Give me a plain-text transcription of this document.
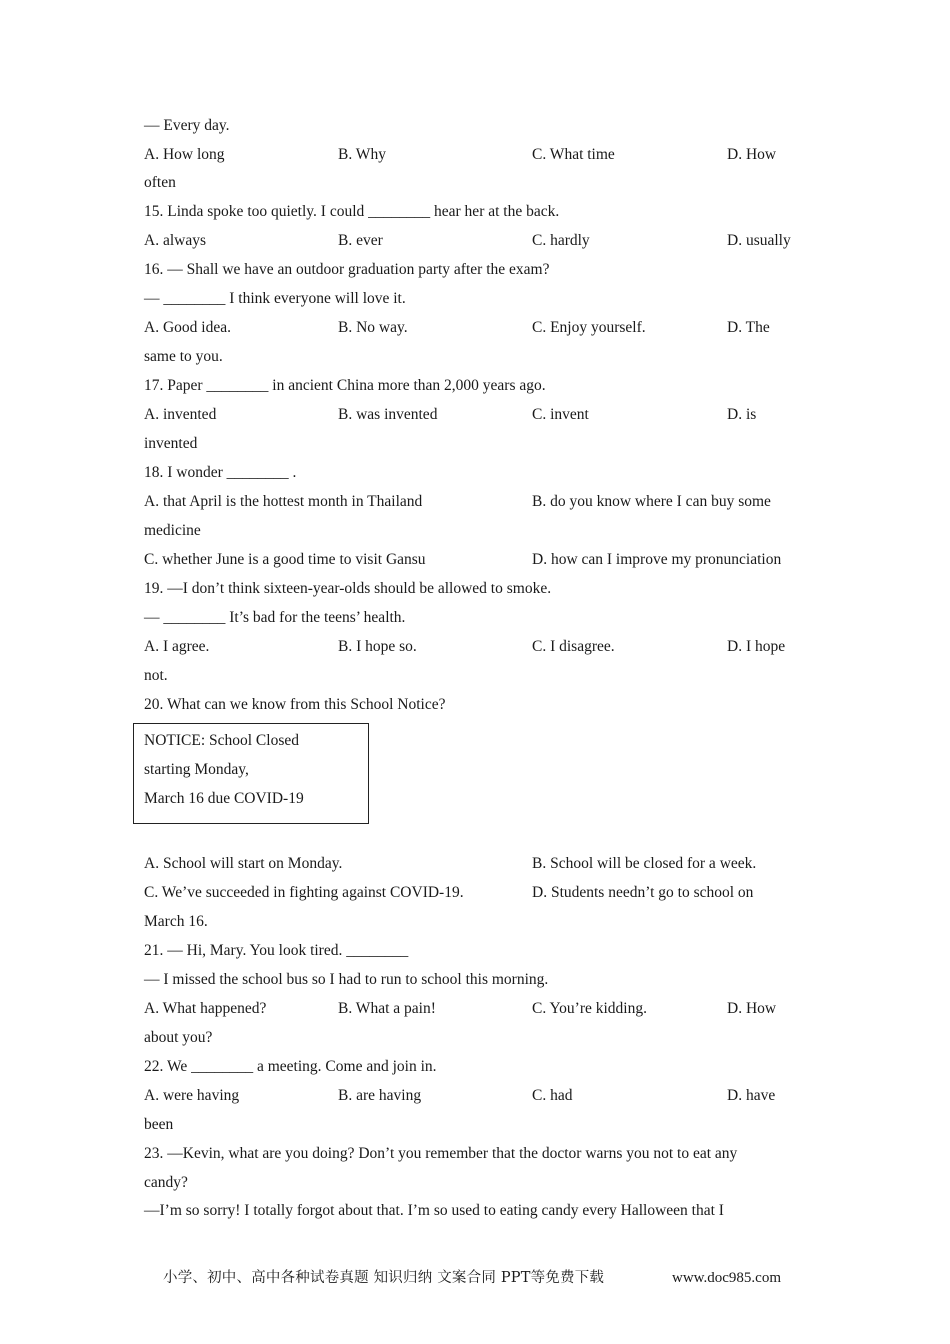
— Every day.
A. How long	B. Why	C. What time	D. How
often
15. Linda spoke too quietly. I could ________ hear her at the back.
A. always	B. ever	C. hardly	D. usually
16. — Shall we have an outdoor graduation party after the exam?
— ________ I think everyone will love it.
A. Good idea.	B. No way.	C. Enjoy yourself.	D. The
same to you.
17. Paper ________ in ancient China more than 2,000 years ago.
A. invented	B. was invented	C. invent	D. is
invented
18. I wonder ________ .
A. that April is the hottest month in Thailand	B. do you know where I can buy some
medicine
C. whether June is a good time to visit Gansu	D. how can I improve my pronunciation
19. —I don’t think sixteen-year-olds should be allowed to smoke.
— ________ It’s bad for the teens’ health.
A. I agree.	B. I hope so.	C. I disagree.	D. I hope
not.
20. What can we know from this School Notice?
NOTICE: School Closed
starting Monday,
March 16 due COVID-19
A. School will start on Monday.	B. School will be closed for a week.
C. We’ve succeeded in fighting against COVID-19.	D. Students needn’t go to school on
March 16.
21. — Hi, Mary. You look tired. ________
— I missed the school bus so I had to run to school this morning.
A. What happened?	B. What a pain!	C. You’re kidding.	D. How
about you?
22. We ________ a meeting. Come and join in.
A. were having	B. are having	C. had	D. have
been
23. —Kevin, what are you doing? Don’t you remember that the doctor warns you not to eat any
candy?
—I’m so sorry! I totally forgot about that. I’m so used to eating candy every Halloween that I
小学、初中、高中各种试卷真题 知识归纳 文案合同 PPT等免费下载	www.doc985.com
